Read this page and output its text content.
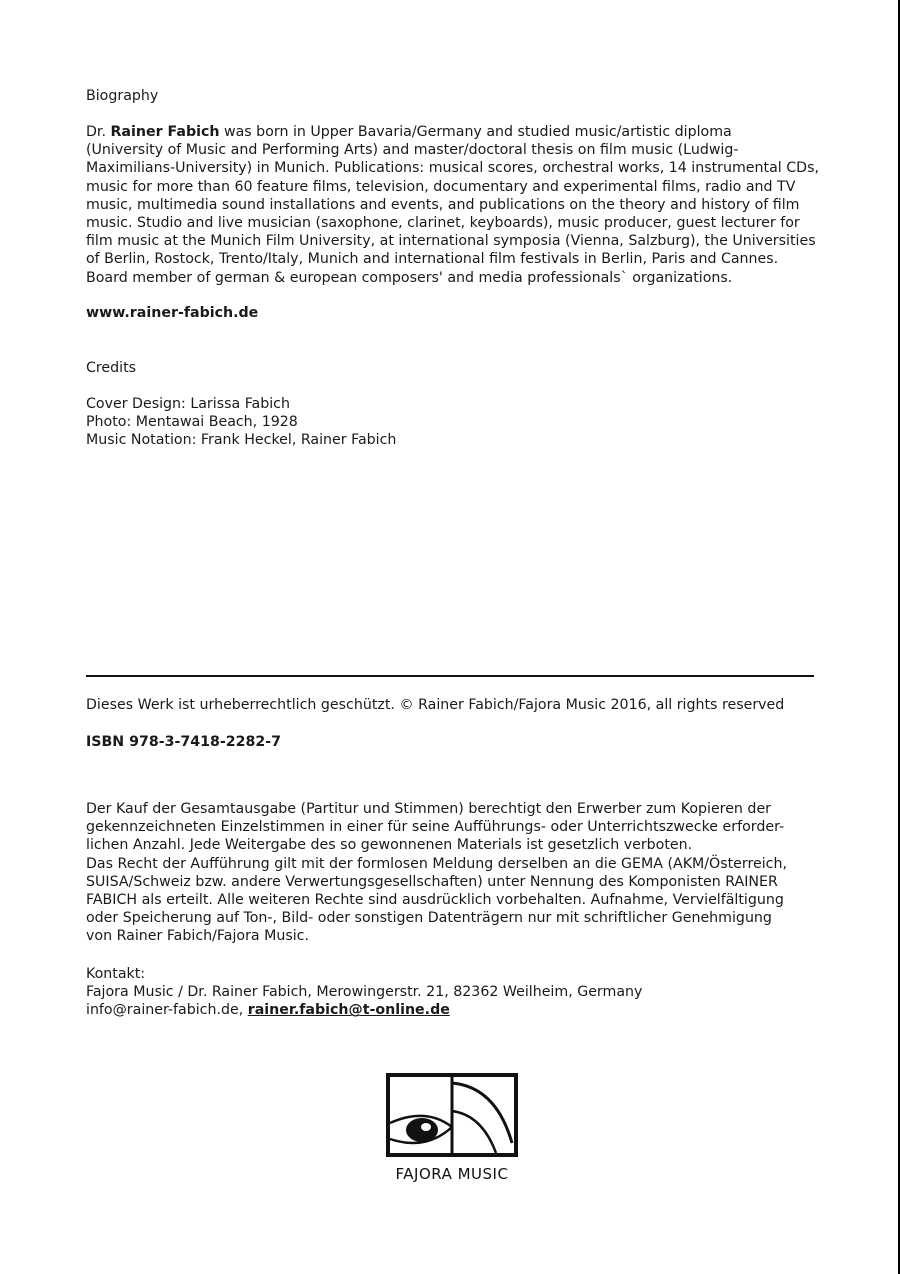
Biography
Dr. Rainer Fabich was born in Upper Bavaria/Germany and studied music/artistic diploma
(University of Music and Performing Arts) and master/doctoral thesis on film music (Ludwig-
Maximilians-University) in Munich. Publications: musical scores, orchestral works, 14 instrumental CDs,
music for more than 60 feature films, television, documentary and experimental films, radio and TV
music, multimedia sound installations and events, and publications on the theory and history of film
music. Studio and live musician (saxophone, clarinet, keyboards), music producer, guest lecturer for
film music at the Munich Film University, at international symposia (Vienna, Salzburg), the Universities
of Berlin, Rostock, Trento/Italy, Munich and international film festivals in Berlin, Paris and Cannes.
Board member of german & european composers' and media professionals` organizations.
www.rainer-fabich.de
Credits
Cover Design: Larissa Fabich
Photo: Mentawai Beach, 1928
Music Notation: Frank Heckel, Rainer Fabich
Dieses Werk ist urheberrechtlich geschützt. © Rainer Fabich/Fajora Music 2016, all rights reserved
ISBN 978-3-7418-2282-7
Der Kauf der Gesamtausgabe (Partitur und Stimmen) berechtigt den Erwerber zum Kopieren der
gekennzeichneten Einzelstimmen in einer für seine Aufführungs- oder Unterrichtszwecke erforder-
lichen Anzahl. Jede Weitergabe des so gewonnenen Materials ist gesetzlich verboten.
Das Recht der Aufführung gilt mit der formlosen Meldung derselben an die GEMA (AKM/Österreich,
SUISA/Schweiz bzw. andere Verwertungsgesellschaften) unter Nennung des Komponisten RAINER
FABICH als erteilt. Alle weiteren Rechte sind ausdrücklich vorbehalten. Aufnahme, Vervielfältigung
oder Speicherung auf Ton-, Bild- oder sonstigen Datenträgern nur mit schriftlicher Genehmigung
von Rainer Fabich/Fajora Music.
Kontakt:
Fajora Music / Dr. Rainer Fabich, Merowingerstr. 21, 82362 Weilheim, Germany
info@rainer-fabich.de, rainer.fabich@t-online.de
FAJORA MUSIC
